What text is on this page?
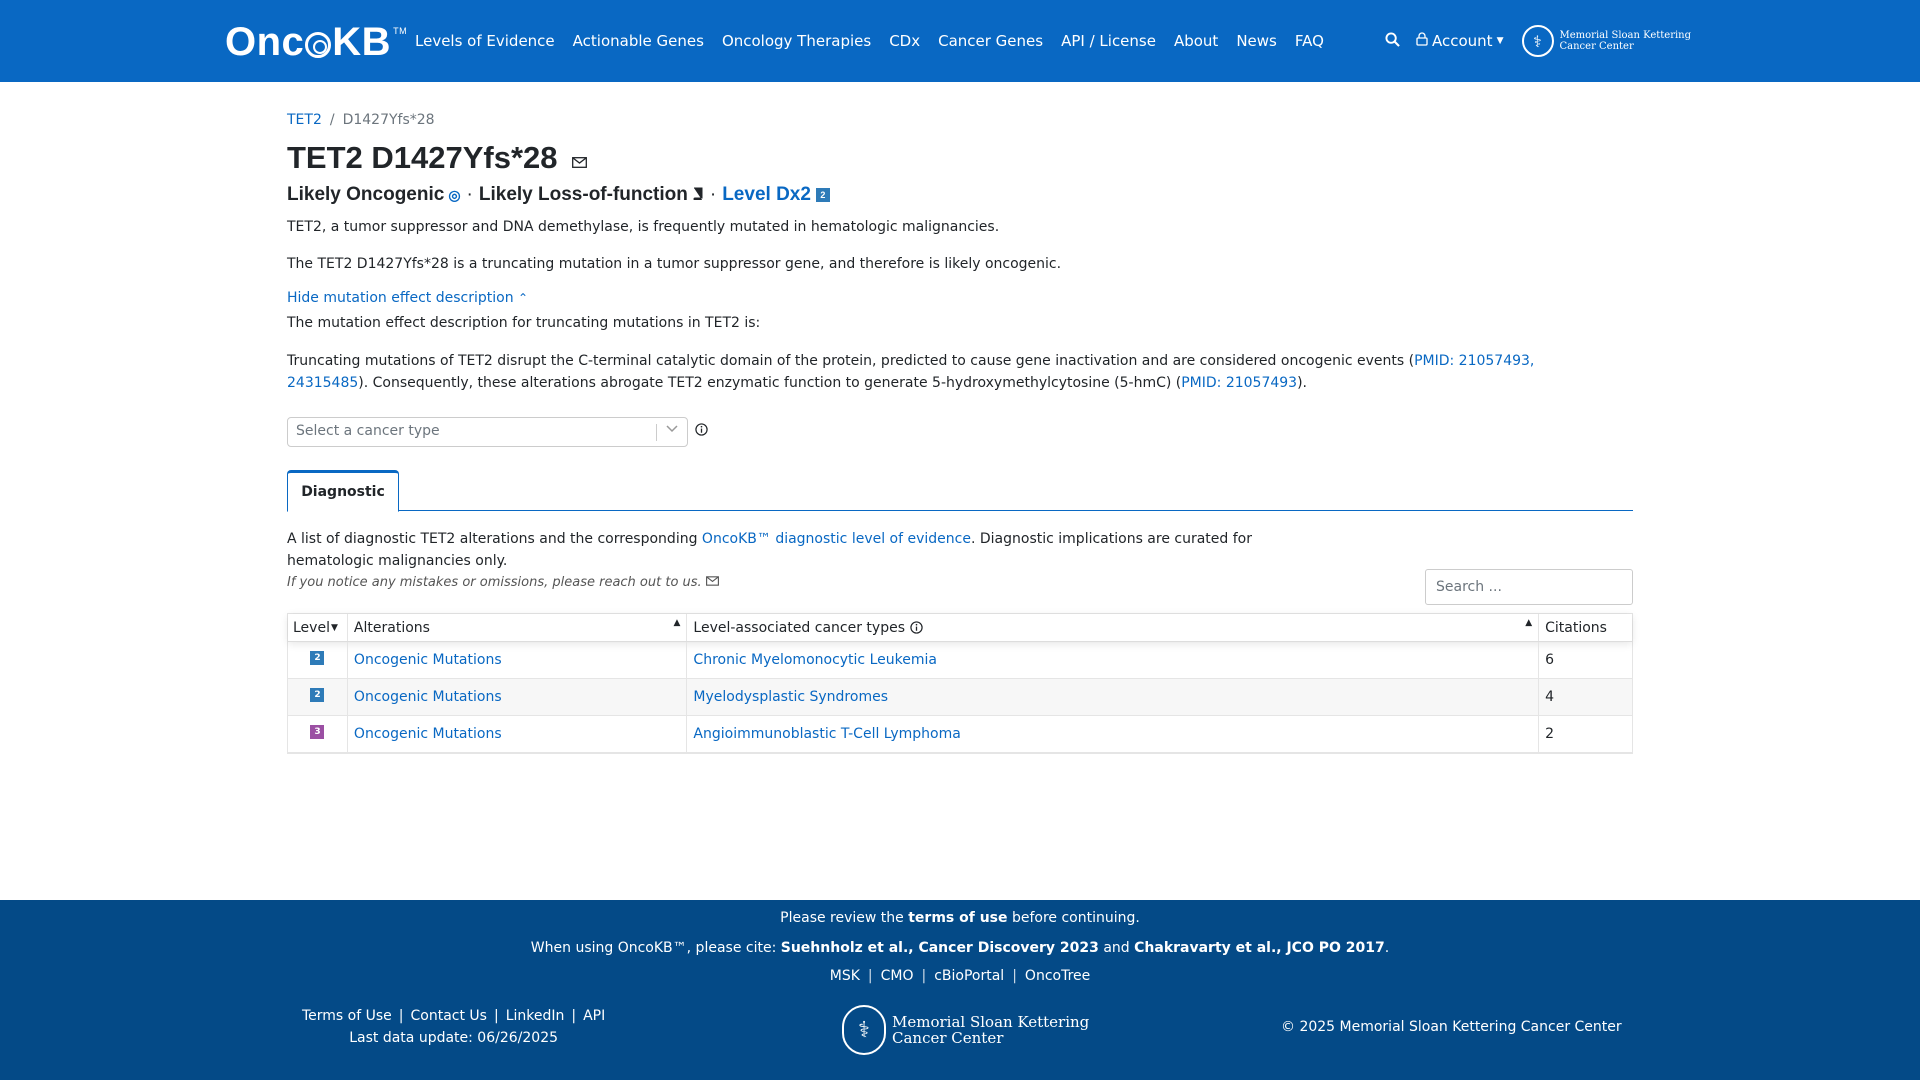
Onc KB TM
Levels of Evidence Actionable Genes Oncology Therapies CDx Cancer Genes API / License About News FAQ	Account ▼	⚕	Memorial Sloan Kettering
Cancer Center
TET2 / D1427Yfs*28
TET2 D1427Yfs*28
Likely Oncogenic ◎ · Likely Loss-of-function · Level Dx2	2
TET2, a tumor suppressor and DNA demethylase, is frequently mutated in hematologic malignancies.
The TET2 D1427Yfs*28 is a truncating mutation in a tumor suppressor gene, and therefore is likely oncogenic.
Hide mutation effect description ⌃
The mutation effect description for truncating mutations in TET2 is:
Truncating mutations of TET2 disrupt the C-terminal catalytic domain of the protein, predicted to cause gene inactivation and are considered oncogenic events (PMID: 21057493, 24315485). Consequently, these alterations abrogate TET2 enzymatic function to generate 5-hydroxymethylcytosine (5-hmC) (PMID: 21057493).
Select a cancer type
Diagnostic
A list of diagnostic TET2 alterations and the corresponding OncoKB™ diagnostic level of evidence. Diagnostic implications are curated for hematologic malignancies only.
If you notice any mistakes or omissions, please reach out to us.
Search ...
Level ▼ Alterations	▲ Level-associated cancer types	▲ Citations
2 Oncogenic Mutations	Chronic Myelomonocytic Leukemia	6
2 Oncogenic Mutations	Myelodysplastic Syndromes	4
3 Oncogenic Mutations	Angioimmunoblastic T-Cell Lymphoma	2
Please review the terms of use before continuing.
When using OncoKB™, please cite: Suehnholz et al., Cancer Discovery 2023 and Chakravarty et al., JCO PO 2017.
MSK | CMO | cBioPortal | OncoTree
Terms of Use | Contact Us | LinkedIn | API
Last data update: 06/26/2025	⚕	Memorial Sloan Kettering
Cancer Center
© 2025 Memorial Sloan Kettering Cancer Center
